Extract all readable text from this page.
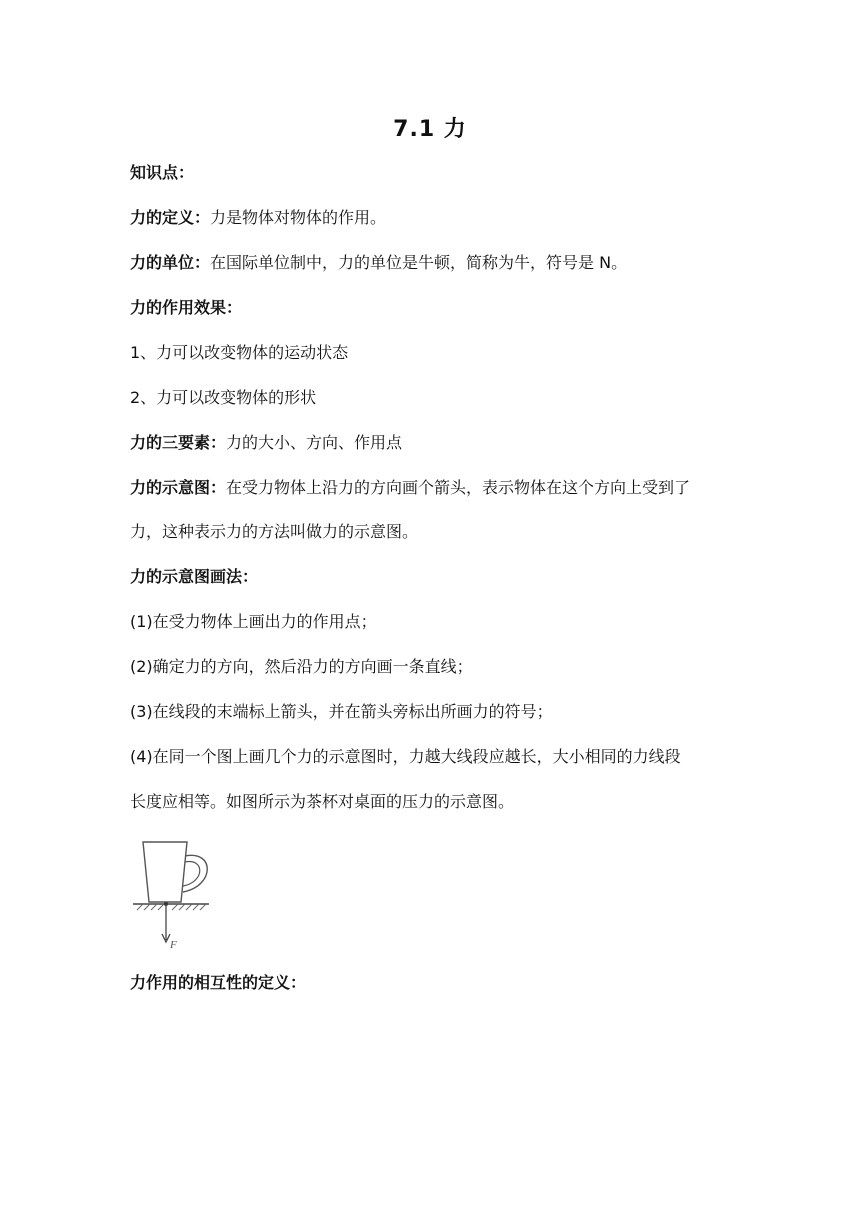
7.1 力
知识点：
力的定义：力是物体对物体的作用。
力的单位：在国际单位制中，力的单位是牛顿，简称为牛，符号是 N。
力的作用效果：
1、力可以改变物体的运动状态
2、力可以改变物体的形状
力的三要素：力的大小、方向、作用点
力的示意图：在受力物体上沿力的方向画个箭头，表示物体在这个方向上受到了
力，这种表示力的方法叫做力的示意图。
力的示意图画法：
(1)在受力物体上画出力的作用点；
(2)确定力的方向，然后沿力的方向画一条直线；
(3)在线段的末端标上箭头，并在箭头旁标出所画力的符号；
(4)在同一个图上画几个力的示意图时，力越大线段应越长，大小相同的力线段
长度应相等。如图所示为茶杯对桌面的压力的示意图。
F
力作用的相互性的定义：
